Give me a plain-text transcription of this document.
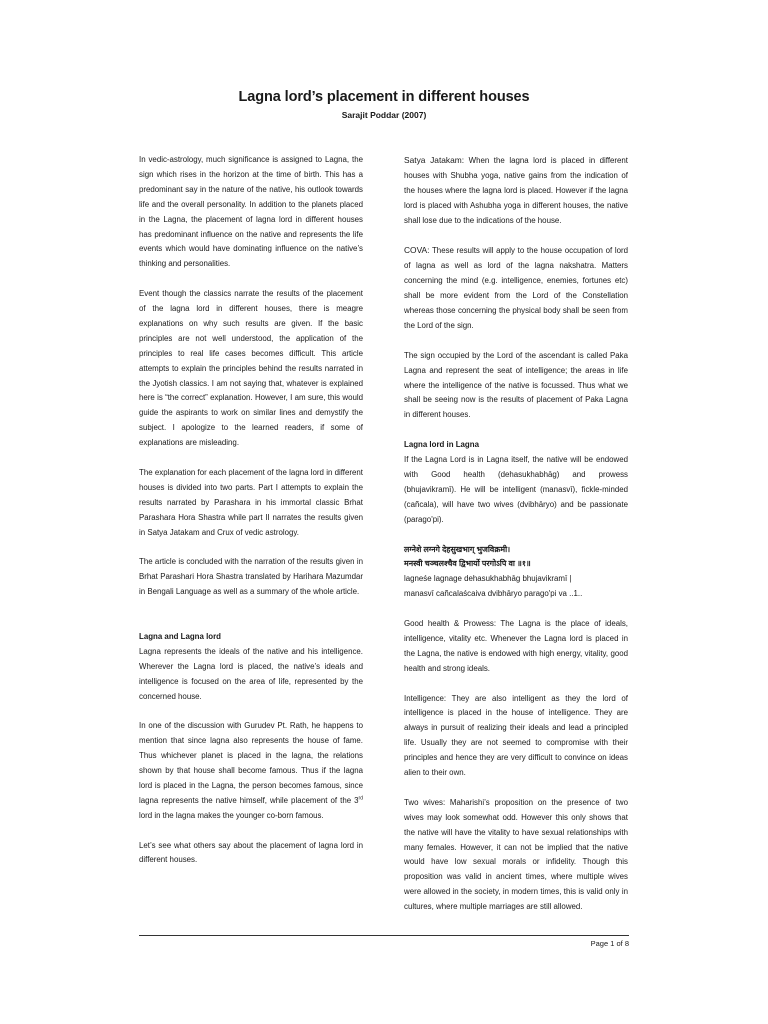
Lagna lord’s placement in different houses
Sarajit Poddar (2007)

In vedic-astrology, much significance is assigned to Lagna, the sign which rises in the horizon at the time of birth. This has a predominant say in the nature of the native, his outlook towards life and the overall personality. In addition to the planets placed in the Lagna, the placement of lagna lord in different houses has predominant influence on the native and represents the life events which would have dominating influence on the native’s thinking and personalities.

Event though the classics narrate the results of the placement of the lagna lord in different houses, there is meagre explanations on why such results are given. If the basic principles are not well understood, the application of the principles to real life cases becomes difficult. This article attempts to explain the principles behind the results narrated in the Jyotish classics. I am not saying that, whatever is explained here is “the correct” explanation. However, I am sure, this would guide the aspirants to work on similar lines and demystify the subject. I apologize to the learned readers, if some of explanations are misleading.

The explanation for each placement of the lagna lord in different houses is divided into two parts. Part I attempts to explain the results narrated by Parashara in his immortal classic Brhat Parashara Hora Shastra while part II narrates the results given in Satya Jatakam and Crux of vedic astrology.

The article is concluded with the narration of the results given in Brhat Parashari Hora Shastra translated by Harihara Mazumdar in Bengali Language as well as a summary of the whole article.

Lagna and Lagna lord

Lagna represents the ideals of the native and his intelligence. Wherever the Lagna lord is placed, the native’s ideals and intelligence is focused on the area of life, represented by the concerned house.

In one of the discussion with Gurudev Pt. Rath, he happens to mention that since lagna also represents the house of fame. Thus whichever planet is placed in the lagna, the relations shown by that house shall become famous. Thus if the lagna lord is placed in the Lagna, the person becomes famous, since lagna represents the native himself, while placement of the 3rd lord in the lagna makes the younger co-born famous.

Let’s see what others say about the placement of lagna lord in different houses.

Satya Jatakam: When the lagna lord is placed in different houses with Shubha yoga, native gains from the indication of the houses where the lagna lord is placed. However if the lagna lord is placed with Ashubha yoga in different houses, the native shall lose due to the indications of the house.

COVA: These results will apply to the house occupation of lord of lagna as well as lord of the lagna nakshatra. Matters concerning the mind (e.g. intelligence, enemies, fortunes etc) shall be more evident from the Lord of the Constellation whereas those concerning the physical body shall be seen from the Lord of the sign.

The sign occupied by the Lord of the ascendant is called Paka Lagna and represent the seat of intelligence; the areas in life where the intelligence of the native is focussed. Thus what we shall be seeing now is the results of placement of Paka Lagna in different houses.

Lagna lord in Lagna

If the Lagna Lord is in Lagna itself, the native will be endowed with Good health (dehasukhabhāg) and prowess (bhujavikramī). He will be intelligent (manasvī), fickle-minded (cañcala), will have two wives (dvibhāryo) and be passionate (parago'pi).

लग्नेशे लग्नगे देहसुखभाग् भुजविक्रमी।
मनस्वी चञ्चलश्चैव द्विभार्यो परगोऽपि वा ॥१॥
lagneśe lagnage dehasukhabhāg bhujavikramī |

manasvī cañcalaścaiva dvibhāryo parago'pi va ..1..

Good health & Prowess: The Lagna is the place of ideals, intelligence, vitality etc. Whenever the Lagna lord is placed in the Lagna, the native is endowed with high energy, vitality, good health and strong ideals.

Intelligence: They are also intelligent as they the lord of intelligence is placed in the house of intelligence. They are always in pursuit of realizing their ideals and lead a principled life. Usually they are not seemed to compromise with their principles and hence they are very difficult to convince on ideas alien to their own.

Two wives: Maharishi’s proposition on the presence of two wives may look somewhat odd. However this only shows that the native will have the vitality to have sexual relationships with many females. However, it can not be implied that the native would have low sexual morals or infidelity. Though this proposition was valid in ancient times, where multiple wives were allowed in the society, in modern times, this is valid only in cultures, where multiple marriages are still allowed.

Page 1 of 8
